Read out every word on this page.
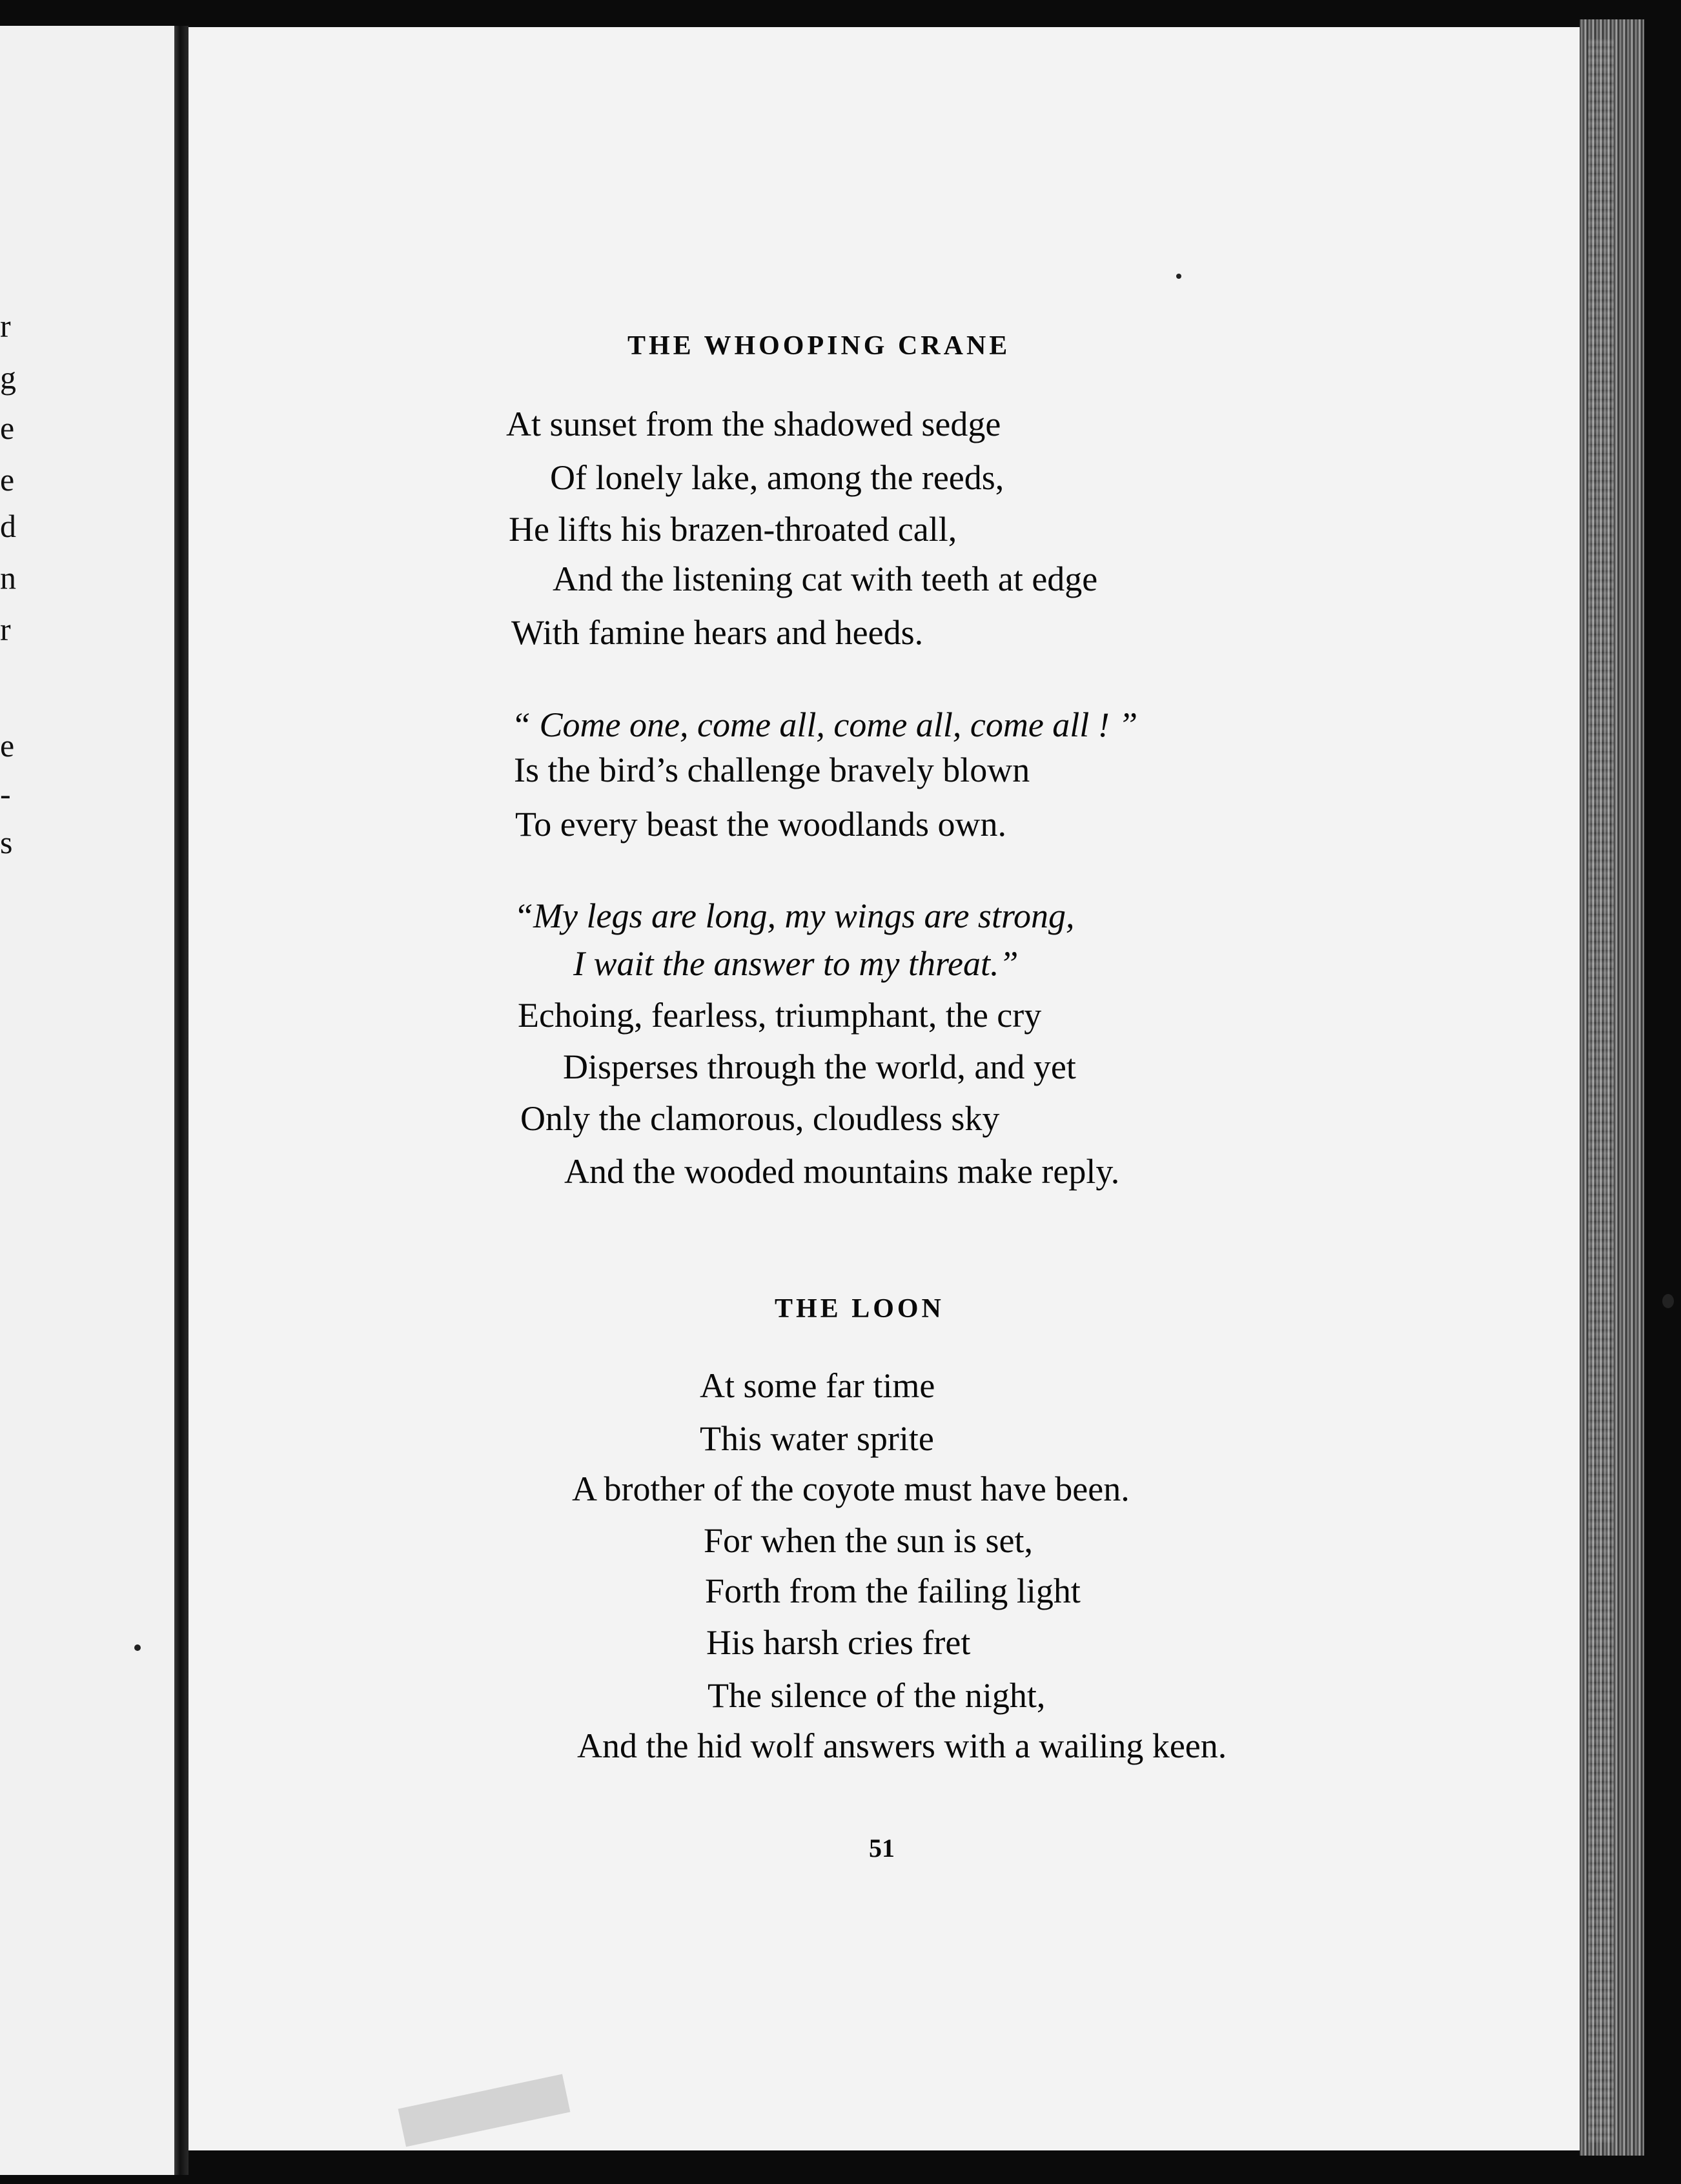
r
g
e
e
d
n
r
e
-
s
THE WHOOPING CRANE
At sunset from the shadowed sedge
Of lonely lake, among the reeds,
He lifts his brazen-throated call,
And the listening cat with teeth at edge
With famine hears and heeds.
“ Come one, come all, come all, come all ! ”
Is the bird’s challenge bravely blown
To every beast the woodlands own.
“My legs are long, my wings are strong,
I wait the answer to my threat.”
Echoing, fearless, triumphant, the cry
Disperses through the world, and yet
Only the clamorous, cloudless sky
And the wooded mountains make reply.
THE LOON
At some far time
This water sprite
A brother of the coyote must have been.
For when the sun is set,
Forth from the failing light
His harsh cries fret
The silence of the night,
And the hid wolf answers with a wailing keen.
51
